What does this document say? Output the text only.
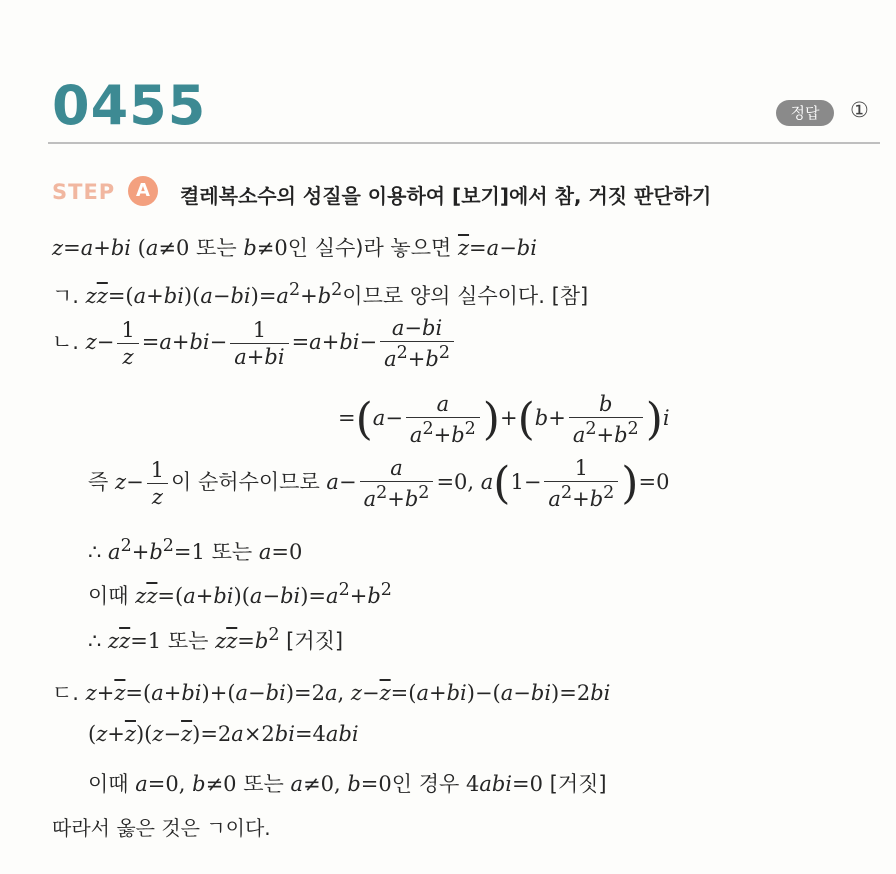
0455	정답	①
STEP	A	켤레복소수의 성질을 이용하여 [보기]에서 참, 거짓 판단하기
z=a+bi (a≠0 또는 b≠0인 실수)라 놓으면 $\overline{z}=a-bi$
ㄱ. $z\overline{z}=(a+bi)(a-bi)=a^2+b^2$이므로 양의 실수이다. [참]
ㄴ. $z- \frac{1}{z} =a+bi- \frac{1}{a+bi} =a+bi- \frac{a-bi}{a^2+b^2}$
$=(a- \frac{a}{a^2+b^2} )+(b+ \frac{b}{a^2+b^2} )i$
즉 $z- \frac{1}{z}$ 이 순허수이므로 $a- \frac{a}{a^2+b^2} =0$, $a(1- \frac{1}{a^2+b^2} )=0$
∴ $a^2+b^2=1$ 또는 a=0
이때 $z\overline{z}=(a+bi)(a-bi)=a^2+b^2$
∴ $z\overline{z}=1$ 또는 $z\overline{z}=b^2$ [거짓]
ㄷ. $z+\overline{z}=(a+bi)+(a-bi)=2a$, $z-\overline{z}=(a+bi)-(a-bi)=2bi$
$(z+\overline{z})(z-\overline{z})=2a\times 2bi=4abi$
이때 a=0, b≠0 또는 a≠0, b=0인 경우 4abi=0 [거짓]
따라서 옳은 것은 ㄱ이다.
